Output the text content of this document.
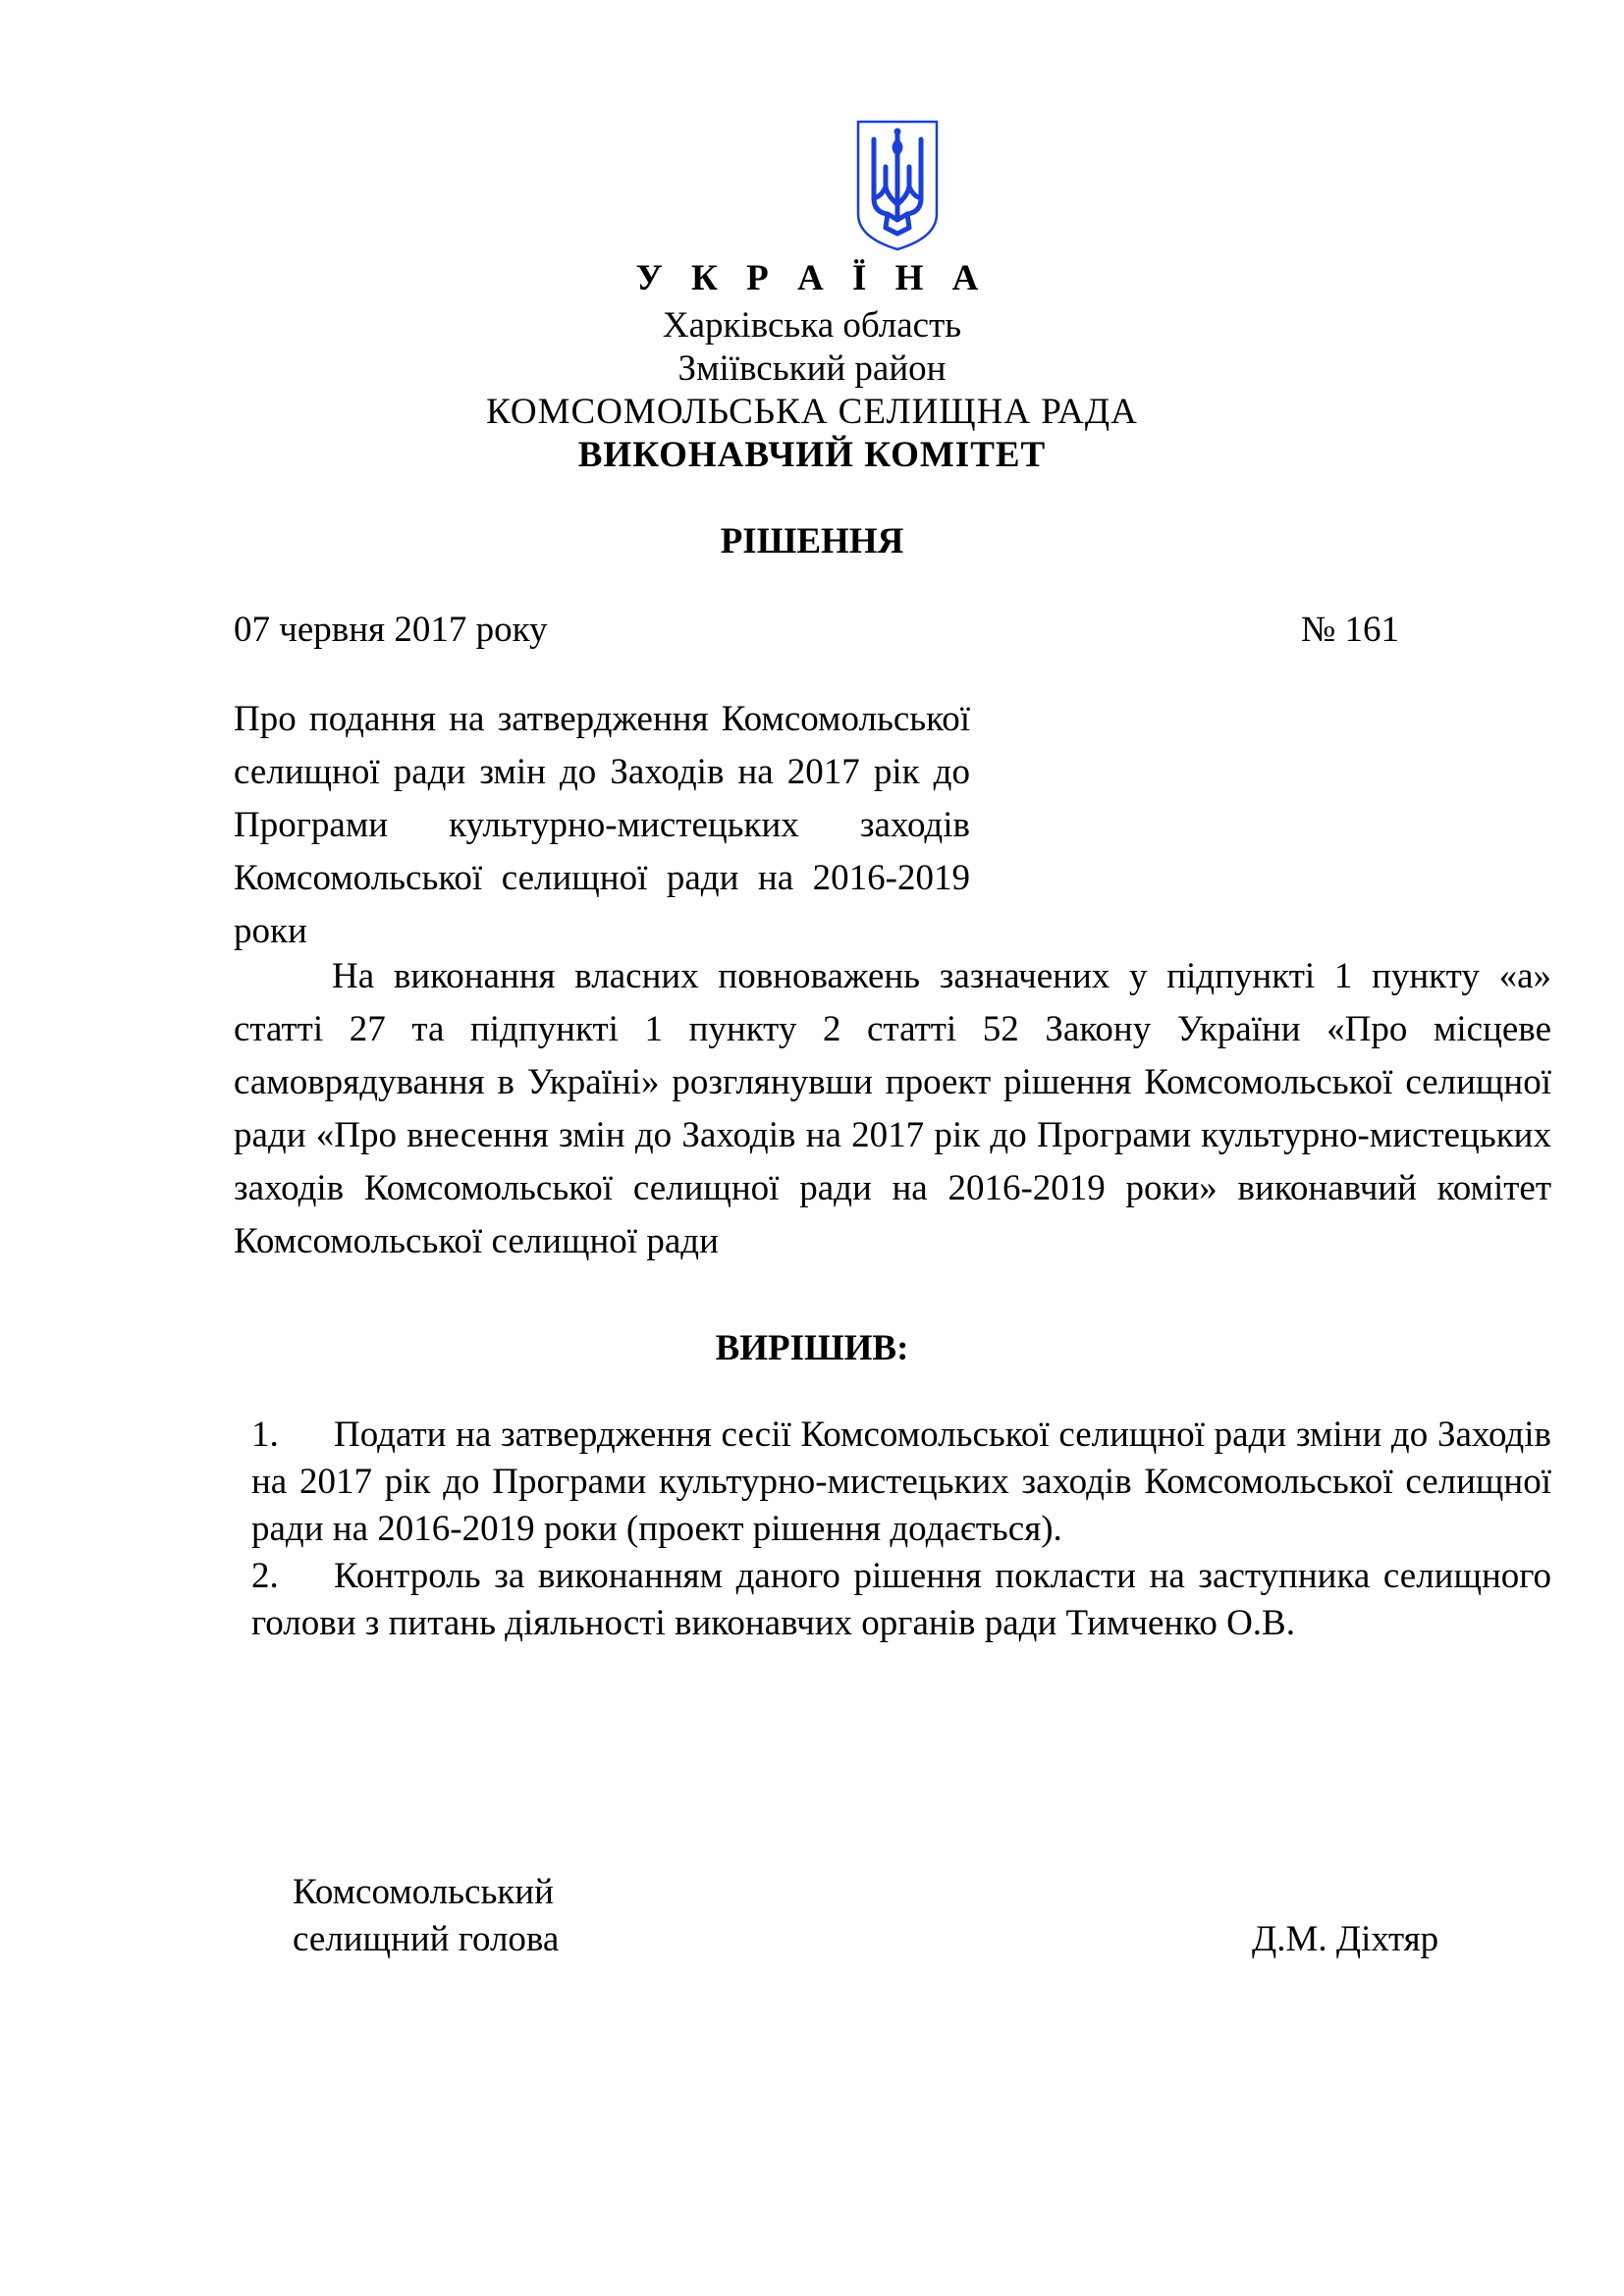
У К Р А Ї Н А
Харківська область
Зміївський район
КОМСОМОЛЬСЬКА СЕЛИЩНА РАДА
ВИКОНАВЧИЙ КОМІТЕТ
РІШЕННЯ
07 червня 2017 року	№ 161
Про подання на затвердження Комсомольської селищної ради змін до Заходів на 2017 рік до Програми культурно-мистецьких заходів Комсомольської селищної ради на 2016-2019 роки
На виконання власних повноважень зазначених у підпункті 1 пункту «а» статті 27 та підпункті 1 пункту 2 статті 52 Закону України «Про місцеве самоврядування в Україні» розглянувши проект рішення Комсомольської селищної ради «Про внесення змін до Заходів на 2017 рік до Програми культурно-мистецьких заходів Комсомольської селищної ради на 2016-2019 роки» виконавчий комітет Комсомольської селищної ради
ВИРІШИВ:
1. Подати на затвердження сесії Комсомольської селищної ради зміни до Заходів на 2017 рік до Програми культурно-мистецьких заходів Комсомольської селищної ради на 2016-2019 роки (проект рішення додається).
2. Контроль за виконанням даного рішення покласти на заступника селищного голови з питань діяльності виконавчих органів ради Тимченко О.В.
Комсомольський
селищний голова	Д.М. Діхтяр
